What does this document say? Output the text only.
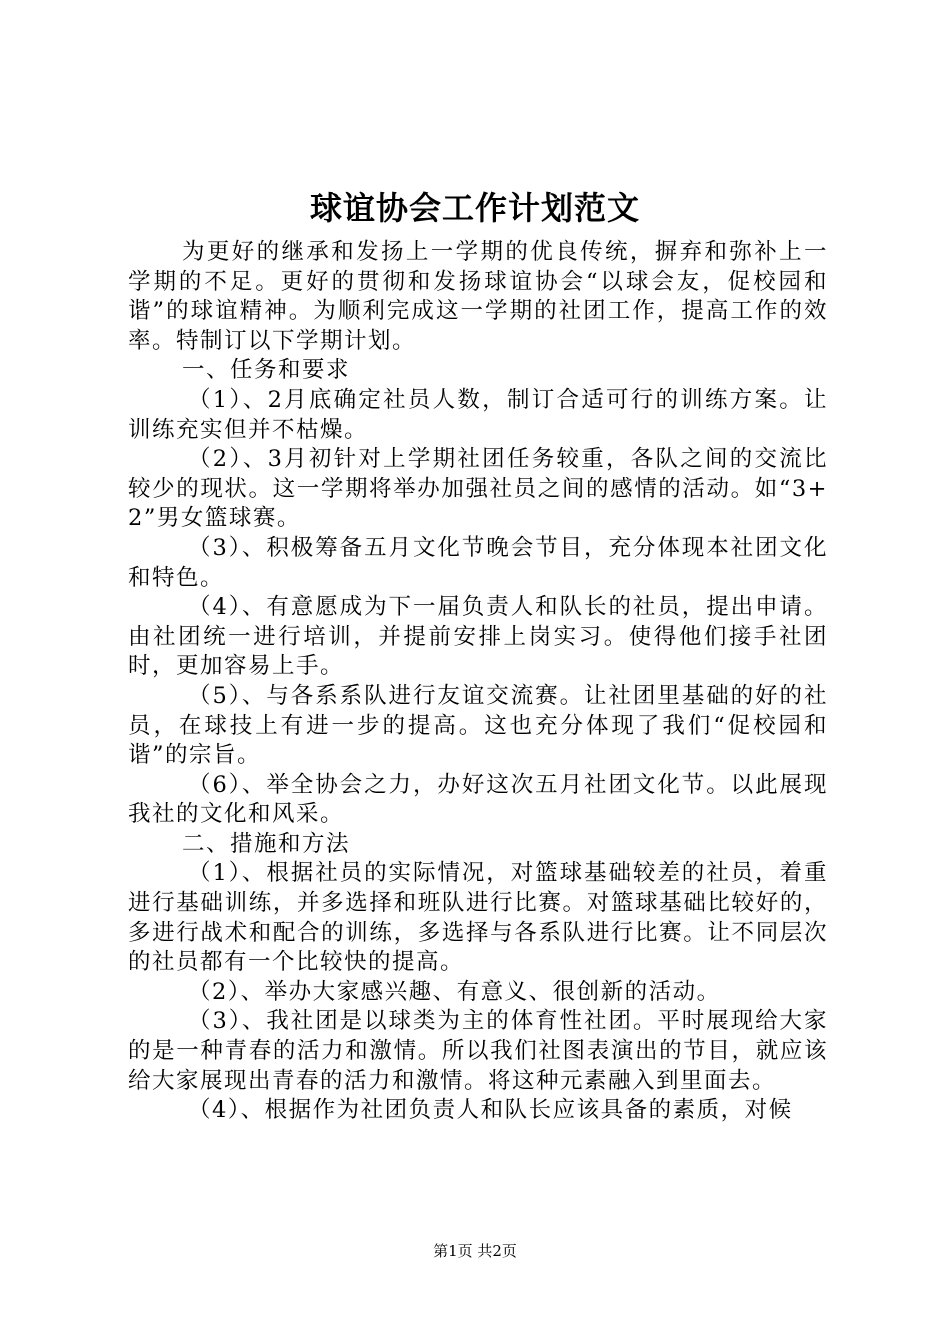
球谊协会工作计划范文

为更好的继承和发扬上一学期的优良传统，摒弃和弥补上一学期的不足。更好的贯彻和发扬球谊协会“以球会友，促校园和谐”的球谊精神。为顺利完成这一学期的社团工作，提高工作的效率。特制订以下学期计划。

一、任务和要求

（1）、2月底确定社员人数，制订合适可行的训练方案。让训练充实但并不枯燥。

（2）、3月初针对上学期社团任务较重，各队之间的交流比较少的现状。这一学期将举办加强社员之间的感情的活动。如“3+2”男女篮球赛。

（3）、积极筹备五月文化节晚会节目，充分体现本社团文化和特色。

（4）、有意愿成为下一届负责人和队长的社员，提出申请。由社团统一进行培训，并提前安排上岗实习。使得他们接手社团时，更加容易上手。

（5）、与各系系队进行友谊交流赛。让社团里基础的好的社员，在球技上有进一步的提高。这也充分体现了我们“促校园和谐”的宗旨。

（6）、举全协会之力，办好这次五月社团文化节。以此展现我社的文化和风采。

二、措施和方法

（1）、根据社员的实际情况，对篮球基础较差的社员，着重进行基础训练，并多选择和班队进行比赛。对篮球基础比较好的，多进行战术和配合的训练，多选择与各系队进行比赛。让不同层次的社员都有一个比较快的提高。

（2）、举办大家感兴趣、有意义、很创新的活动。

（3）、我社团是以球类为主的体育性社团。平时展现给大家的是一种青春的活力和激情。所以我们社图表演出的节目，就应该给大家展现出青春的活力和激情。将这种元素融入到里面去。

（4）、根据作为社团负责人和队长应该具备的素质，对候

第1页 共2页
